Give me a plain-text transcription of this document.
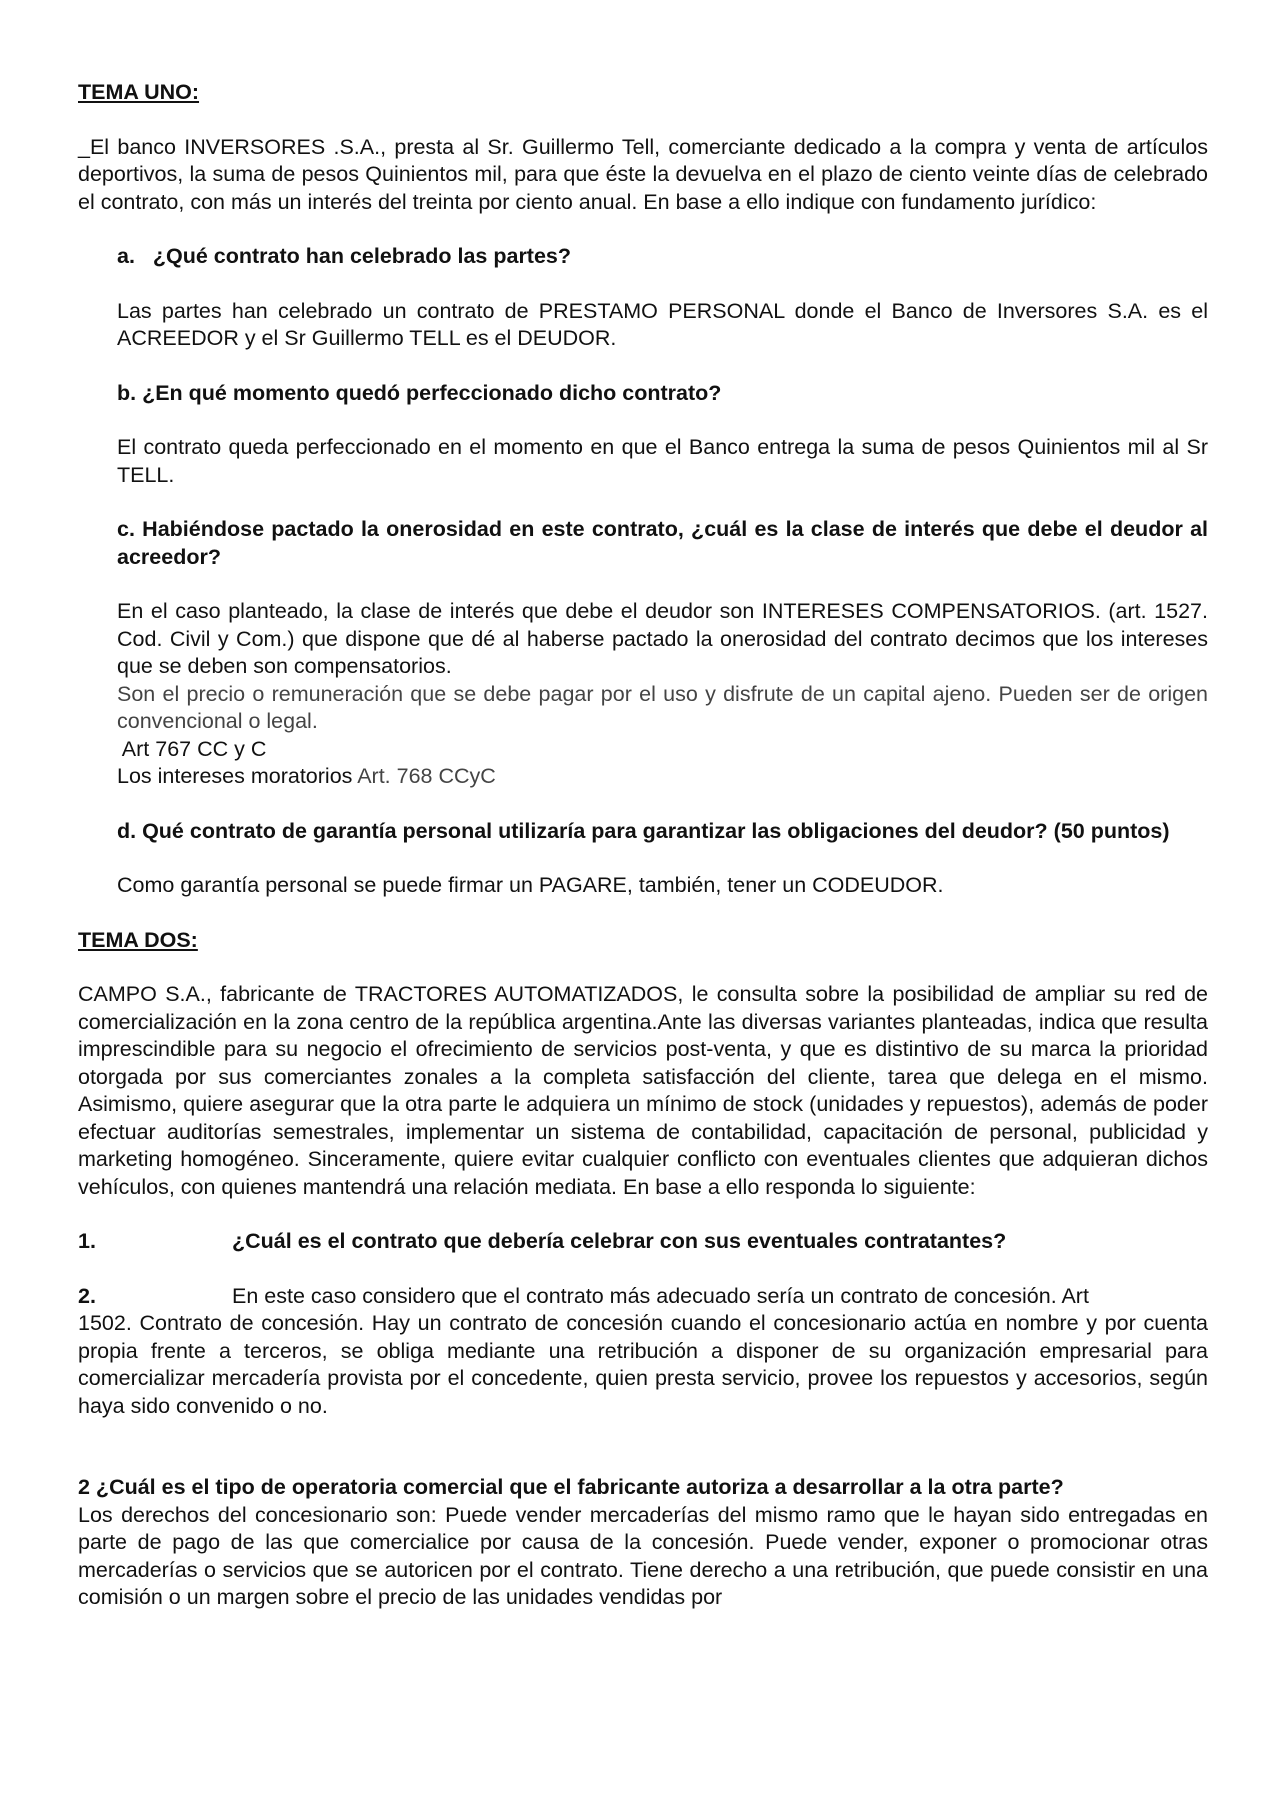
TEMA UNO:

_El banco INVERSORES .S.A., presta al Sr. Guillermo Tell, comerciante dedicado a la compra y venta de artículos deportivos, la suma de pesos Quinientos mil, para que éste la devuelva en el plazo de ciento veinte días de celebrado el contrato, con más un interés del treinta por ciento anual. En base a ello indique con fundamento jurídico:

a. ¿Qué contrato han celebrado las partes?

Las partes han celebrado un contrato de PRESTAMO PERSONAL donde el Banco de Inversores S.A. es el ACREEDOR y el Sr Guillermo TELL es el DEUDOR.

b. ¿En qué momento quedó perfeccionado dicho contrato?

El contrato queda perfeccionado en el momento en que el Banco entrega la suma de pesos Quinientos mil al Sr TELL.

c. Habiéndose pactado la onerosidad en este contrato, ¿cuál es la clase de interés que debe el deudor al acreedor?

En el caso planteado, la clase de interés que debe el deudor son INTERESES COMPENSATORIOS. (art. 1527. Cod. Civil y Com.) que dispone que dé al haberse pactado la onerosidad del contrato decimos que los intereses que se deben son compensatorios.

Son el precio o remuneración que se debe pagar por el uso y disfrute de un capital ajeno. Pueden ser de origen convencional o legal.

Art 767 CC y C

Los intereses moratorios Art. 768 CCyC

d. Qué contrato de garantía personal utilizaría para garantizar las obligaciones del deudor? (50 puntos)

Como garantía personal se puede firmar un PAGARE, también, tener un CODEUDOR.

TEMA DOS:

CAMPO S.A., fabricante de TRACTORES AUTOMATIZADOS, le consulta sobre la posibilidad de ampliar su red de comercialización en la zona centro de la república argentina.Ante las diversas variantes planteadas, indica que resulta imprescindible para su negocio el ofrecimiento de servicios post-venta, y que es distintivo de su marca la prioridad otorgada por sus comerciantes zonales a la completa satisfacción del cliente, tarea que delega en el mismo. Asimismo, quiere asegurar que la otra parte le adquiera un mínimo de stock (unidades y repuestos), además de poder efectuar auditorías semestrales, implementar un sistema de contabilidad, capacitación de personal, publicidad y marketing homogéneo. Sinceramente, quiere evitar cualquier conflicto con eventuales clientes que adquieran dichos vehículos, con quienes mantendrá una relación mediata. En base a ello responda lo siguiente:

1.	¿Cuál es el contrato que debería celebrar con sus eventuales contratantes?
2.	En este caso considero que el contrato más adecuado sería un contrato de concesión. Art

1502. Contrato de concesión. Hay un contrato de concesión cuando el concesionario actúa en nombre y por cuenta propia frente a terceros, se obliga mediante una retribución a disponer de su organización empresarial para comercializar mercadería provista por el concedente, quien presta servicio, provee los repuestos y accesorios, según haya sido convenido o no.

2 ¿Cuál es el tipo de operatoria comercial que el fabricante autoriza a desarrollar a la otra parte?

Los derechos del concesionario son: Puede vender mercaderías del mismo ramo que le hayan sido entregadas en parte de pago de las que comercialice por causa de la concesión. Puede vender, exponer o promocionar otras mercaderías o servicios que se autoricen por el contrato. Tiene derecho a una retribución, que puede consistir en una comisión o un margen sobre el precio de las unidades vendidas por
